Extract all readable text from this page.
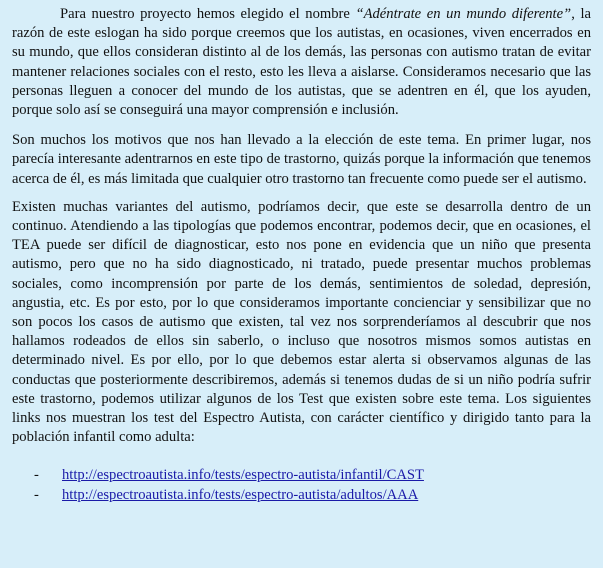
Para nuestro proyecto hemos elegido el nombre “Adéntrate en un mundo diferente”, la razón de este eslogan ha sido porque creemos que los autistas, en ocasiones, viven encerrados en su mundo, que ellos consideran distinto al de los demás, las personas con autismo tratan de evitar mantener relaciones sociales con el resto, esto les lleva a aislarse. Consideramos necesario que las personas lleguen a conocer del mundo de los autistas, que se adentren en él, que los ayuden, porque solo así se conseguirá una mayor comprensión e inclusión.

Son muchos los motivos que nos han llevado a la elección de este tema. En primer lugar, nos parecía interesante adentrarnos en este tipo de trastorno, quizás porque la información que tenemos acerca de él, es más limitada que cualquier otro trastorno tan frecuente como puede ser el autismo.

Existen muchas variantes del autismo, podríamos decir, que este se desarrolla dentro de un continuo. Atendiendo a las tipologías que podemos encontrar, podemos decir, que en ocasiones, el TEA puede ser difícil de diagnosticar, esto nos pone en evidencia que un niño que presenta autismo, pero que no ha sido diagnosticado, ni tratado, puede presentar muchos problemas sociales, como incomprensión por parte de los demás, sentimientos de soledad, depresión, angustia, etc. Es por esto, por lo que consideramos importante concienciar y sensibilizar que no son pocos los casos de autismo que existen, tal vez nos sorprenderíamos al descubrir que nos hallamos rodeados de ellos sin saberlo, o incluso que nosotros mismos somos autistas en determinado nivel. Es por ello, por lo que debemos estar alerta si observamos algunas de las conductas que posteriormente describiremos, además si tenemos dudas de si un niño podría sufrir este trastorno, podemos utilizar algunos de los Test que existen sobre este tema. Los siguientes links nos muestran los test del Espectro Autista, con carácter científico y dirigido tanto para la población infantil como adulta:

-	http://espectroautista.info/tests/espectro-autista/infantil/CAST
-	http://espectroautista.info/tests/espectro-autista/adultos/AAA
